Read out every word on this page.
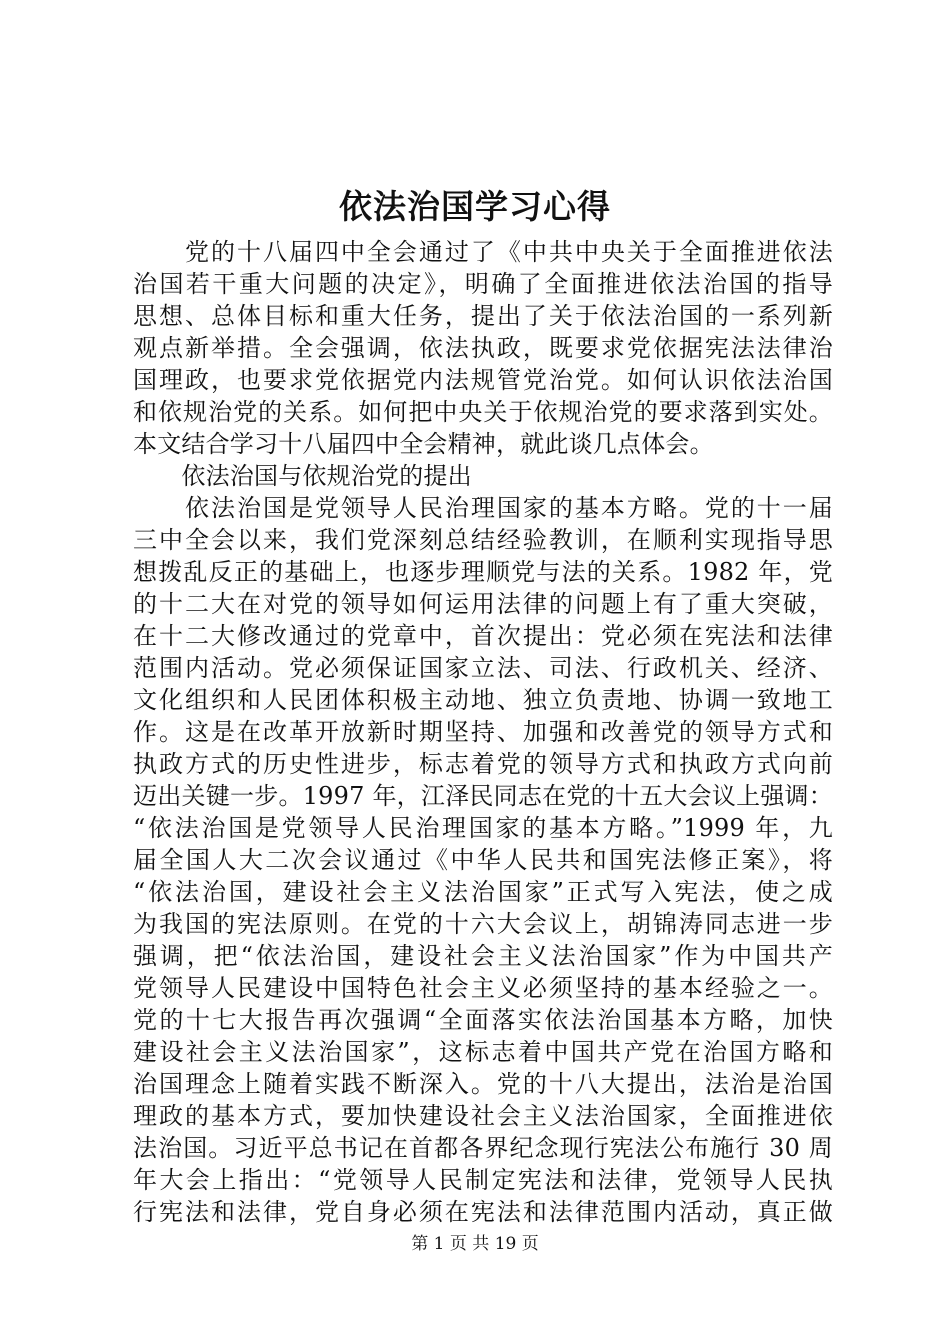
依法治国学习心得
　　党的十八届四中全会通过了《中共中央关于全面推进依法
治国若干重大问题的决定》，明确了全面推进依法治国的指导
思想、总体目标和重大任务，提出了关于依法治国的一系列新
观点新举措。全会强调，依法执政，既要求党依据宪法法律治
国理政，也要求党依据党内法规管党治党。如何认识依法治国
和依规治党的关系。如何把中央关于依规治党的要求落到实处。
本文结合学习十八届四中全会精神，就此谈几点体会。
　　依法治国与依规治党的提出
　　依法治国是党领导人民治理国家的基本方略。党的十一届
三中全会以来，我们党深刻总结经验教训，在顺利实现指导思
想拨乱反正的基础上，也逐步理顺党与法的关系。1982 年，党
的十二大在对党的领导如何运用法律的问题上有了重大突破，
在十二大修改通过的党章中，首次提出：党必须在宪法和法律
范围内活动。党必须保证国家立法、司法、行政机关、经济、
文化组织和人民团体积极主动地、独立负责地、协调一致地工
作。这是在改革开放新时期坚持、加强和改善党的领导方式和
执政方式的历史性进步，标志着党的领导方式和执政方式向前
迈出关键一步。1997 年，江泽民同志在党的十五大会议上强调：
“依法治国是党领导人民治理国家的基本方略。”1999 年，九
届全国人大二次会议通过《中华人民共和国宪法修正案》，将
“依法治国，建设社会主义法治国家”正式写入宪法，使之成
为我国的宪法原则。在党的十六大会议上，胡锦涛同志进一步
强调，把“依法治国，建设社会主义法治国家”作为中国共产
党领导人民建设中国特色社会主义必须坚持的基本经验之一。
党的十七大报告再次强调“全面落实依法治国基本方略，加快
建设社会主义法治国家”，这标志着中国共产党在治国方略和
治国理念上随着实践不断深入。党的十八大提出，法治是治国
理政的基本方式，要加快建设社会主义法治国家，全面推进依
法治国。习近平总书记在首都各界纪念现行宪法公布施行 30 周
年大会上指出：“党领导人民制定宪法和法律，党领导人民执
行宪法和法律，党自身必须在宪法和法律范围内活动，真正做
第 1 页 共 19 页
